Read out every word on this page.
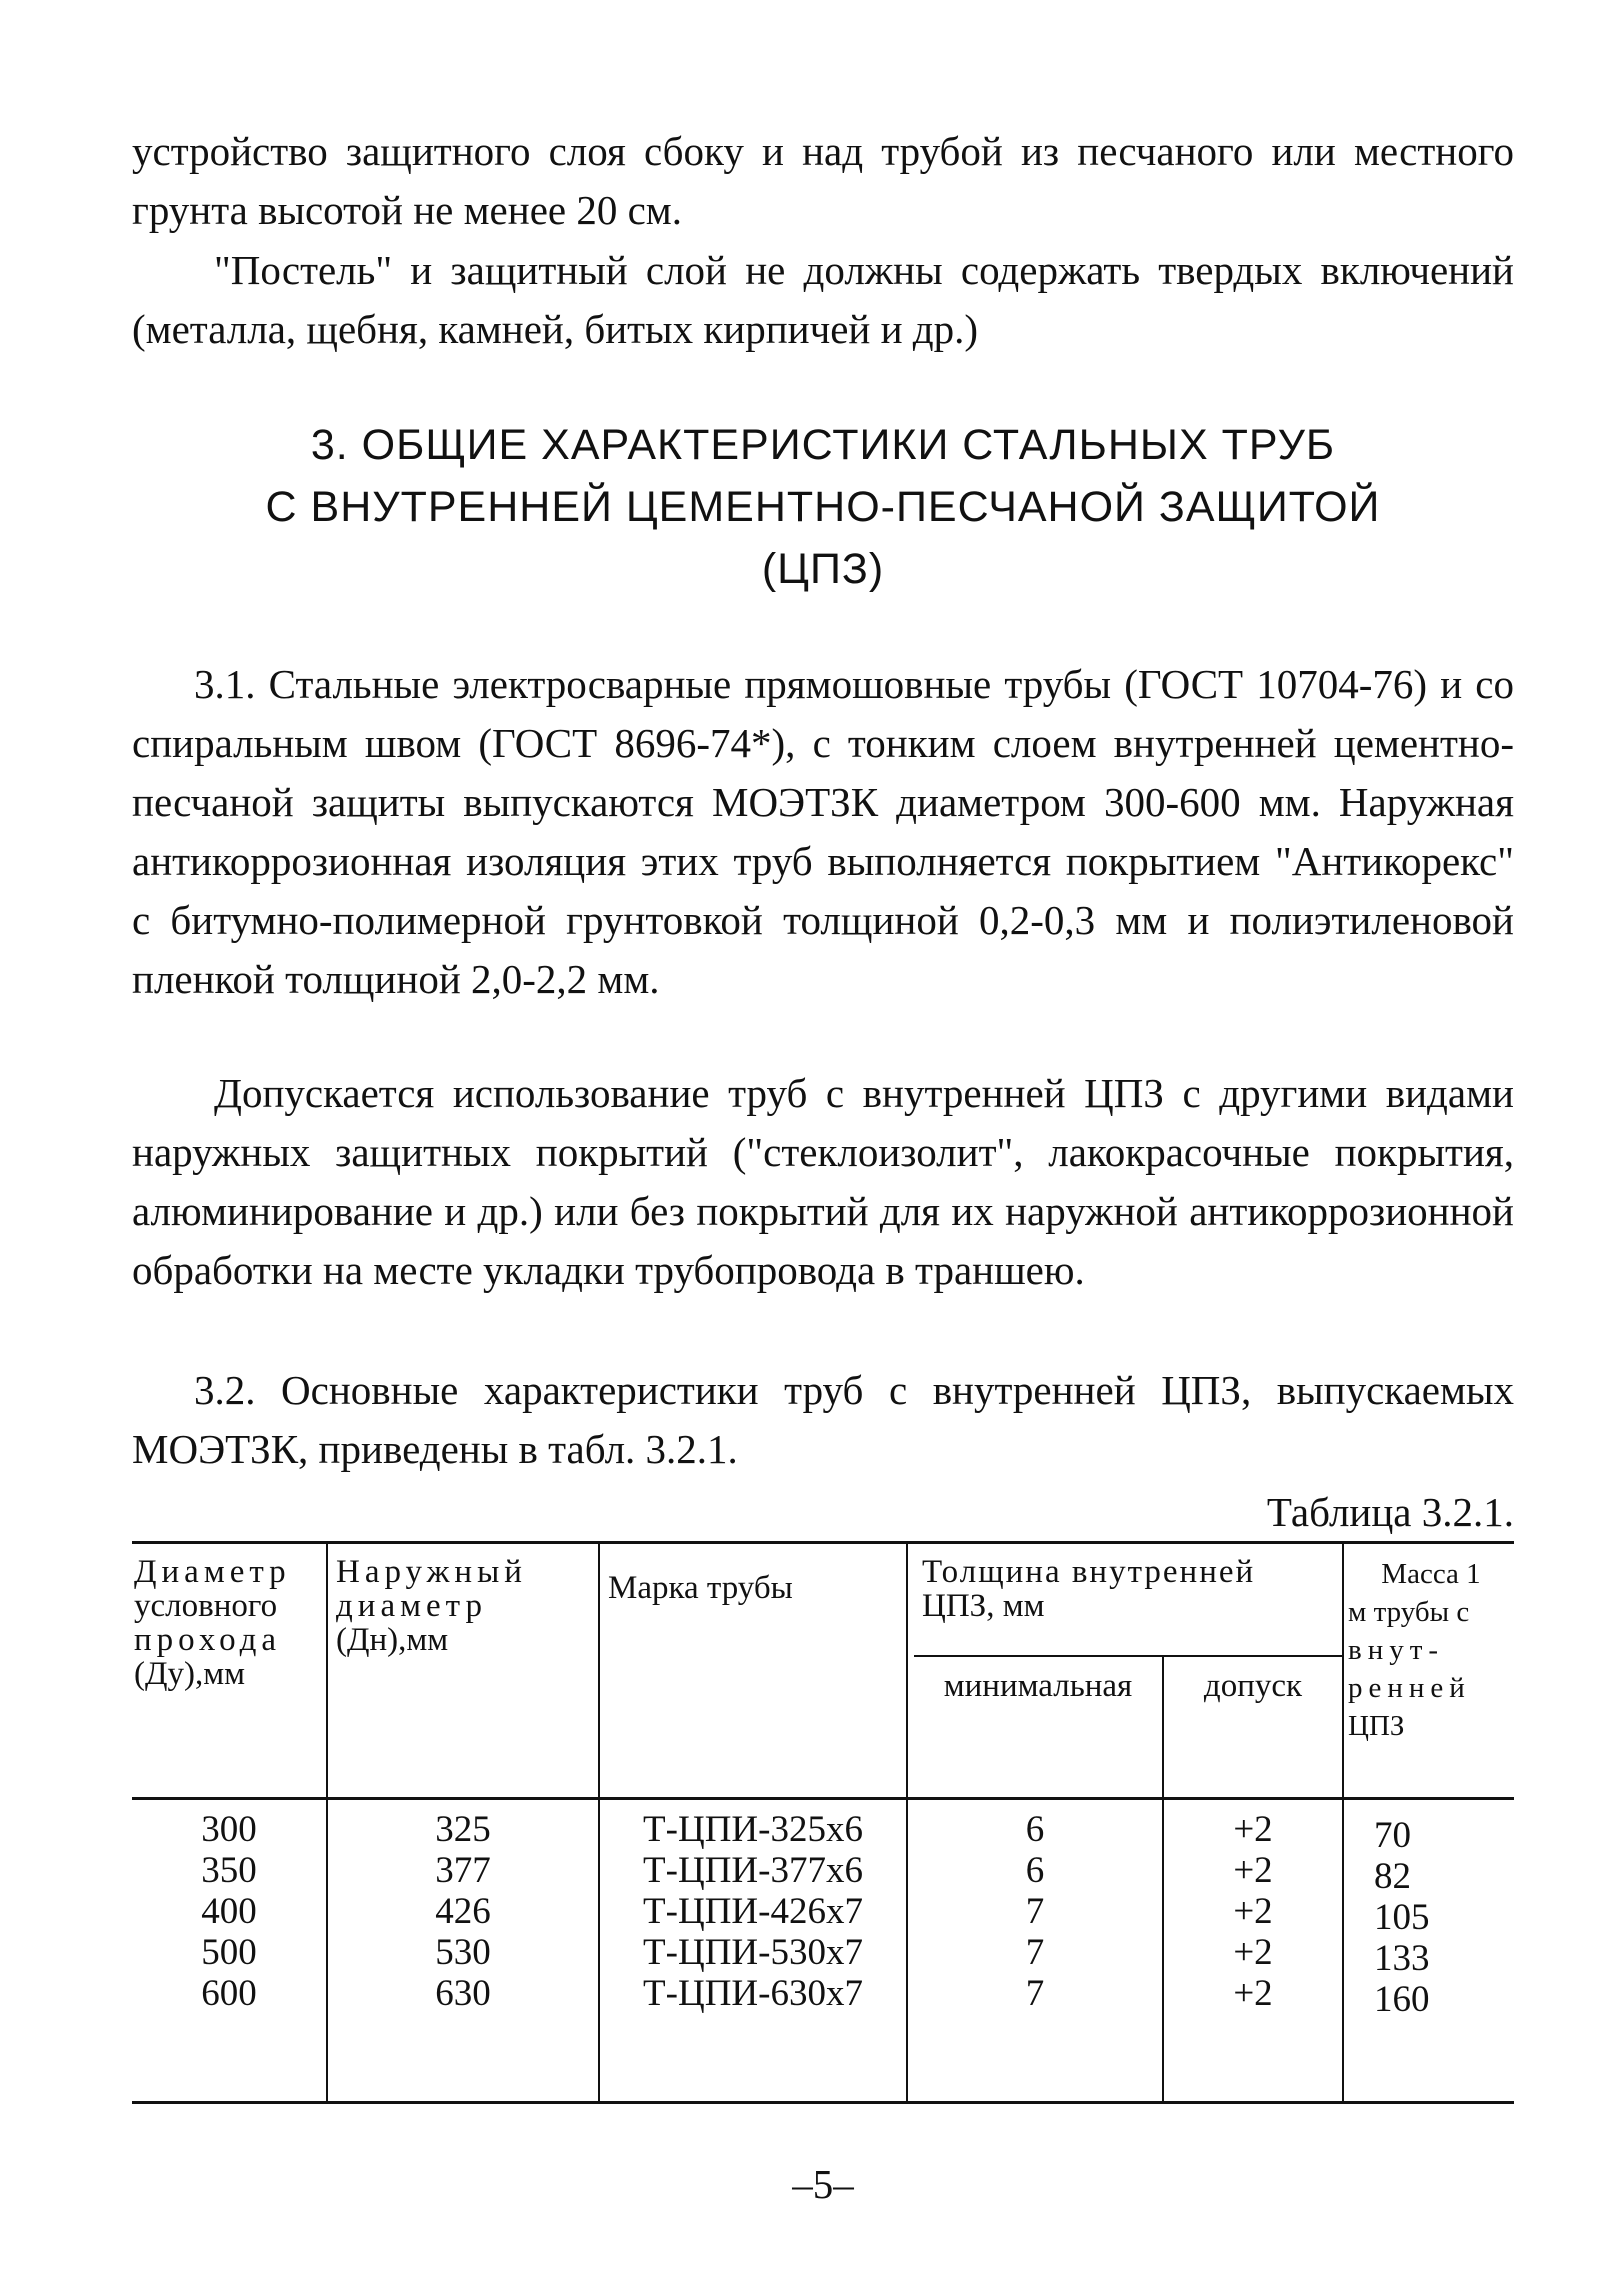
устройство защитного слоя сбоку и над трубой из песчаного или местного грунта высотой не менее 20 см.
"Постель" и защитный слой не должны содержать твердых включений (металла, щебня, камней, битых кирпичей и др.)
3. ОБЩИЕ ХАРАКТЕРИСТИКИ СТАЛЬНЫХ ТРУБ
С ВНУТРЕННЕЙ ЦЕМЕНТНО-ПЕСЧАНОЙ ЗАЩИТОЙ
(ЦПЗ)
3.1. Стальные электросварные прямошовные трубы (ГОСТ 10704-76) и со спиральным швом (ГОСТ 8696-74*), с тонким слоем внутренней цементно-песчаной защиты выпускаются МОЭТЗК диаметром 300-600 мм. Наружная антикоррозионная изоляция этих труб выполняется покрытием "Антикорекс" с битумно-полимерной грунтовкой толщиной 0,2-0,3 мм и полиэтиленовой пленкой толщиной 2,0-2,2 мм.
Допускается использование труб с внутренней ЦПЗ с другими видами наружных защитных покрытий ("стеклоизолит", лакокрасочные покрытия, алюминирование и др.) или без покрытий для их наружной антикоррозионной обработки на месте укладки трубопровода в траншею.
3.2. Основные характеристики труб с внутренней ЦПЗ, выпускаемых МОЭТЗК, приведены в табл. 3.2.1.
Таблица 3.2.1.
Диаметр
условного
прохода
(Ду),мм
Наружный
диаметр
(Дн),мм
Марка трубы	Толщина внутренней
ЦПЗ, мм
минимальная	допуск
Масса 1
м трубы с
внут-
ренней
ЦПЗ
300
350
400
500
600
325
377
426
530
630
Т-ЦПИ-325х6
Т-ЦПИ-377х6
Т-ЦПИ-426х7
Т-ЦПИ-530х7
Т-ЦПИ-630х7
6
6
7
7
7
+2
+2
+2
+2
+2
70
82
105
133
160
–5–
